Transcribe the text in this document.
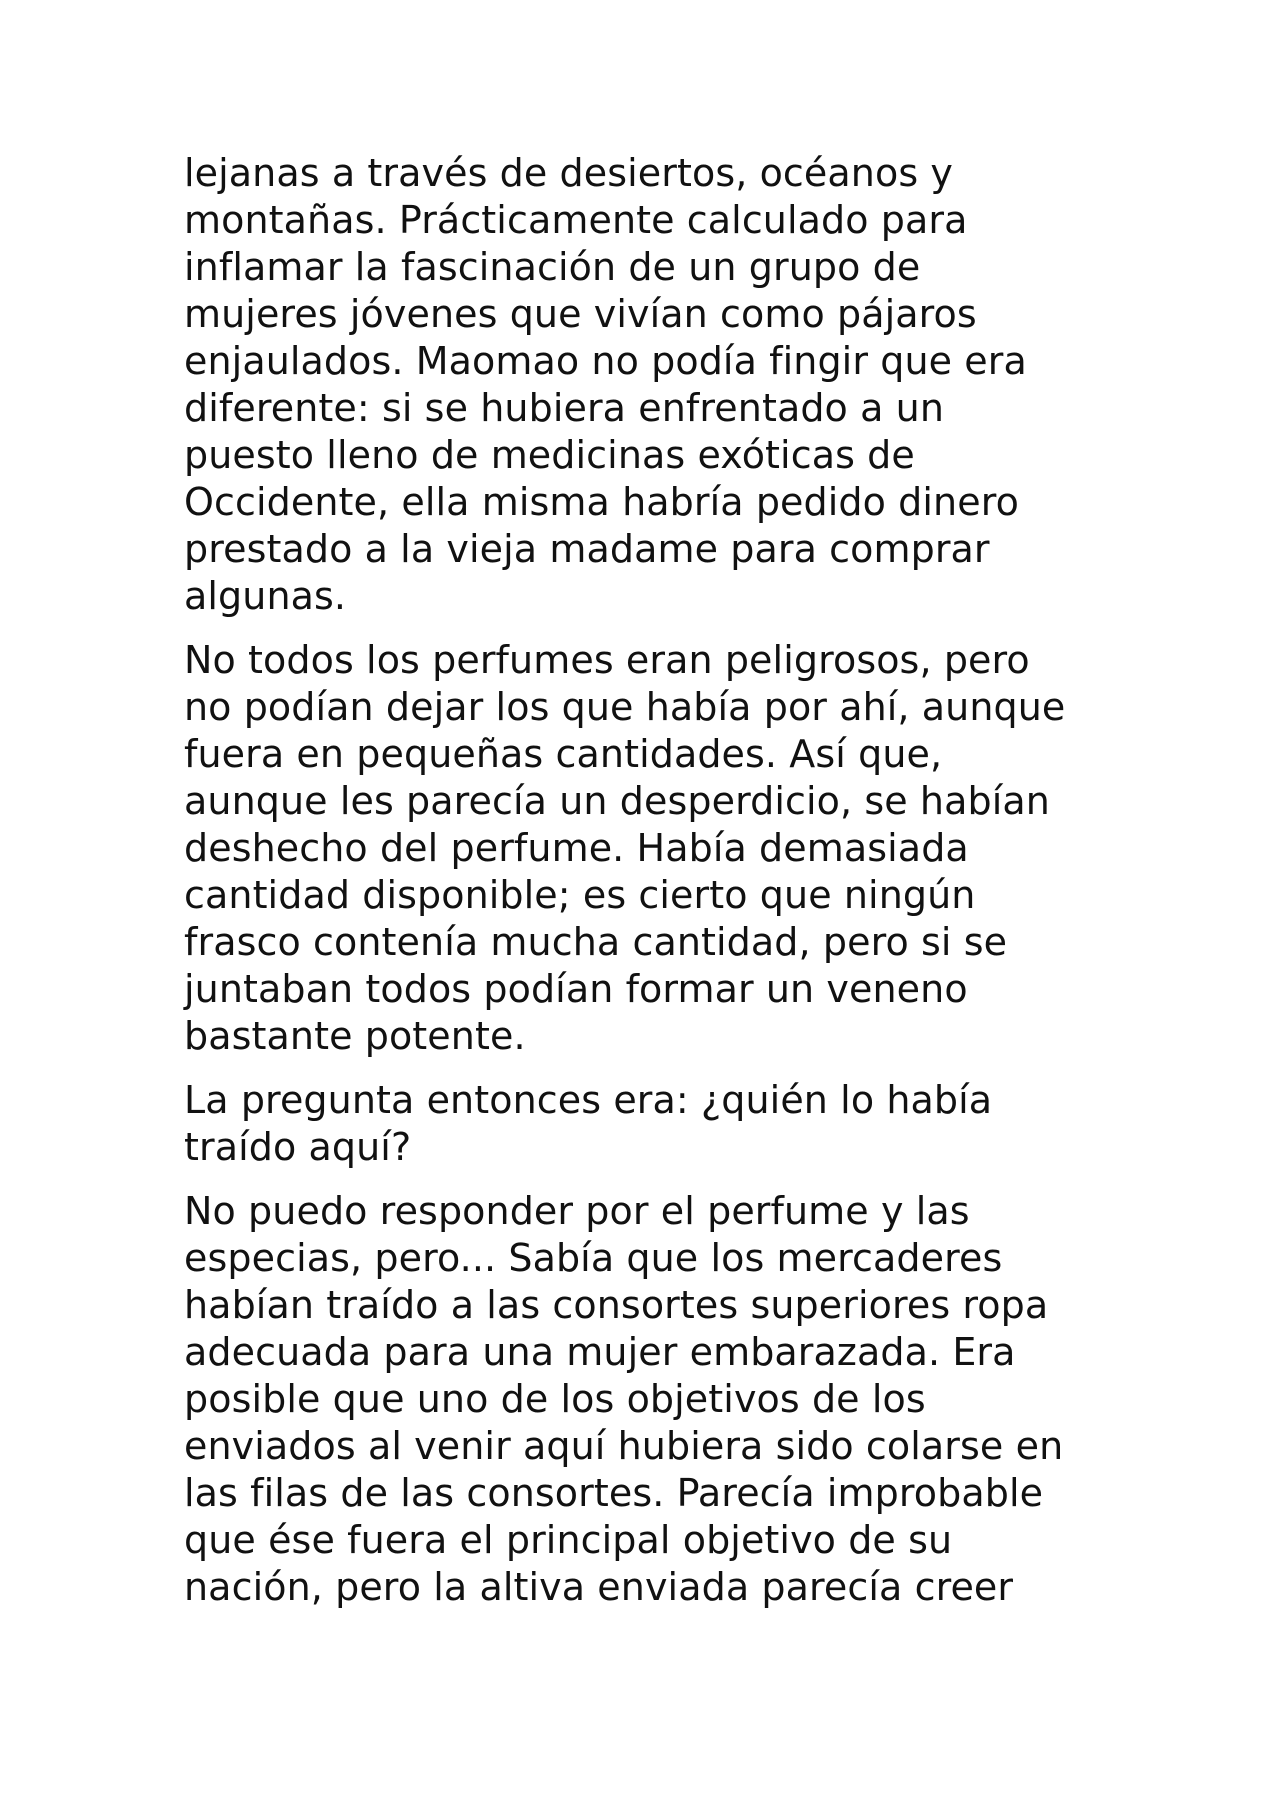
lejanas a través de desiertos, océanos y
montañas. Prácticamente calculado para
inflamar la fascinación de un grupo de
mujeres jóvenes que vivían como pájaros
enjaulados. Maomao no podía fingir que era
diferente: si se hubiera enfrentado a un
puesto lleno de medicinas exóticas de
Occidente, ella misma habría pedido dinero
prestado a la vieja madame para comprar
algunas.

No todos los perfumes eran peligrosos, pero
no podían dejar los que había por ahí, aunque
fuera en pequeñas cantidades. Así que,
aunque les parecía un desperdicio, se habían
deshecho del perfume. Había demasiada
cantidad disponible; es cierto que ningún
frasco contenía mucha cantidad, pero si se
juntaban todos podían formar un veneno
bastante potente.

La pregunta entonces era: ¿quién lo había
traído aquí?

No puedo responder por el perfume y las
especias, pero... Sabía que los mercaderes
habían traído a las consortes superiores ropa
adecuada para una mujer embarazada. Era
posible que uno de los objetivos de los
enviados al venir aquí hubiera sido colarse en
las filas de las consortes. Parecía improbable
que ése fuera el principal objetivo de su
nación, pero la altiva enviada parecía creer
